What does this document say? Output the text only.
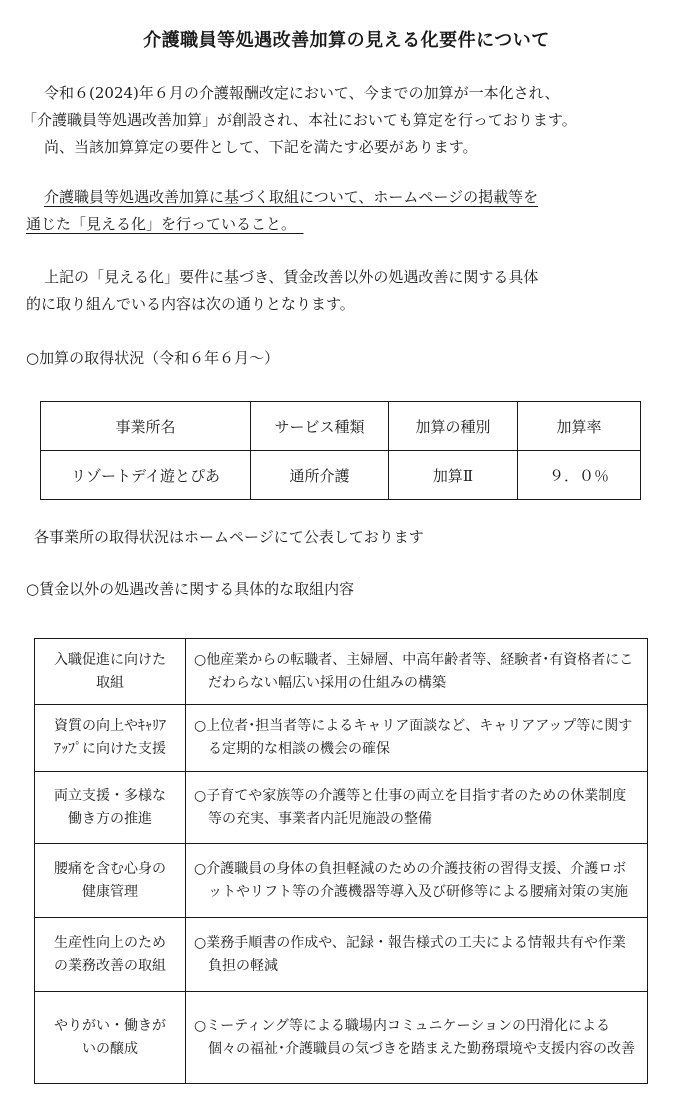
介護職員等処遇改善加算の見える化要件について
令和６(2024)年６月の介護報酬改定において、今までの加算が一本化され、
「介護職員等処遇改善加算」が創設され、本社においても算定を行っております。
尚、当該加算算定の要件として、下記を満たす必要があります。
介護職員等処遇改善加算に基づく取組について、ホームページの掲載等を
通じた「見える化」を行っていること。　
上記の「見える化」要件に基づき、賃金改善以外の処遇改善に関する具体
的に取り組んでいる内容は次の通りとなります。
○加算の取得状況（令和６年６月～）
事業所名	サービス種類	加算の種別	加算率
リゾートデイ遊とぴあ	通所介護	加算Ⅱ	９．０％
各事業所の取得状況はホームページにて公表しております
○賃金以外の処遇改善に関する具体的な取組内容
入職促進に向けた
取組	○他産業からの転職者、主婦層、中高年齢者等、経験者･有資格者にこだわらない幅広い採用の仕組みの構築

資質の向上やｷｬﾘｱ
ｱｯﾌﾟに向けた支援	○上位者･担当者等によるキャリア面談など、キャリアアップ等に関する定期的な相談の機会の確保

両立支援・多様な
働き方の推進	○子育てや家族等の介護等と仕事の両立を目指す者のための休業制度等の充実、事業者内託児施設の整備

腰痛を含む心身の
健康管理	○介護職員の身体の負担軽減のための介護技術の習得支援、介護ロボットやリフト等の介護機器等導入及び研修等による腰痛対策の実施

生産性向上のため
の業務改善の取組	○業務手順書の作成や、記録・報告様式の工夫による情報共有や作業負担の軽減

やりがい・働きが
いの醸成	○ミーティング等による職場内コミュニケーションの円滑化による個々の福祉･介護職員の気づきを踏まえた勤務環境や支援内容の改善
